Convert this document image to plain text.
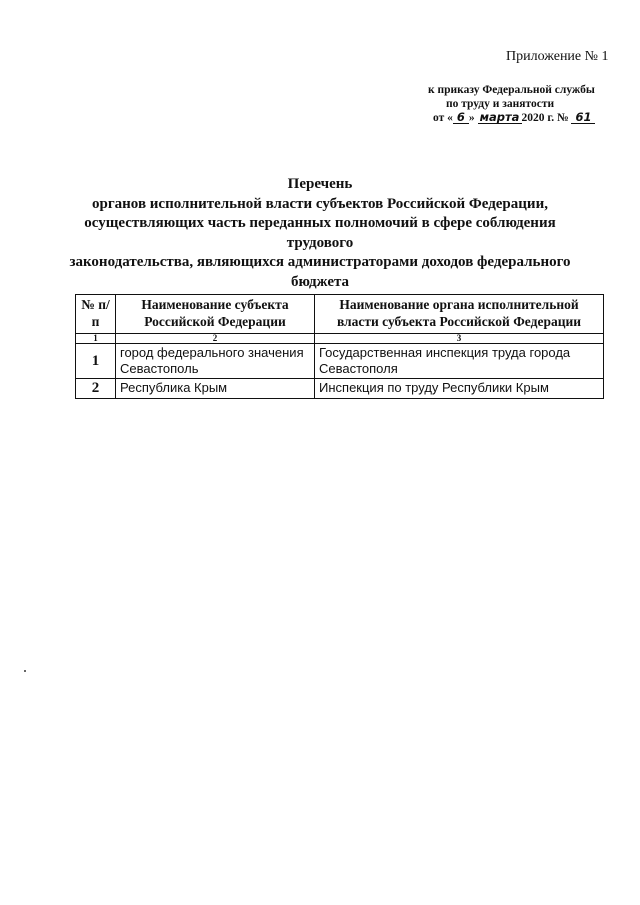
Приложение № 1
к приказу Федеральной службы
по труду и занятости
от « 6 » марта 2020 г. № 61
Перечень
органов исполнительной власти субъектов Российской Федерации,
осуществляющих часть переданных полномочий в сфере соблюдения трудового
законодательства, являющихся администраторами доходов федерального
бюджета
№ п/п	Наименование субъекта Российской Федерации	Наименование органа исполнительной власти субъекта Российской Федерации
1	2	3
1	город федерального значения Севастополь	Государственная инспекция труда города Севастополя
2	Республика Крым	Инспекция по труду Республики Крым
